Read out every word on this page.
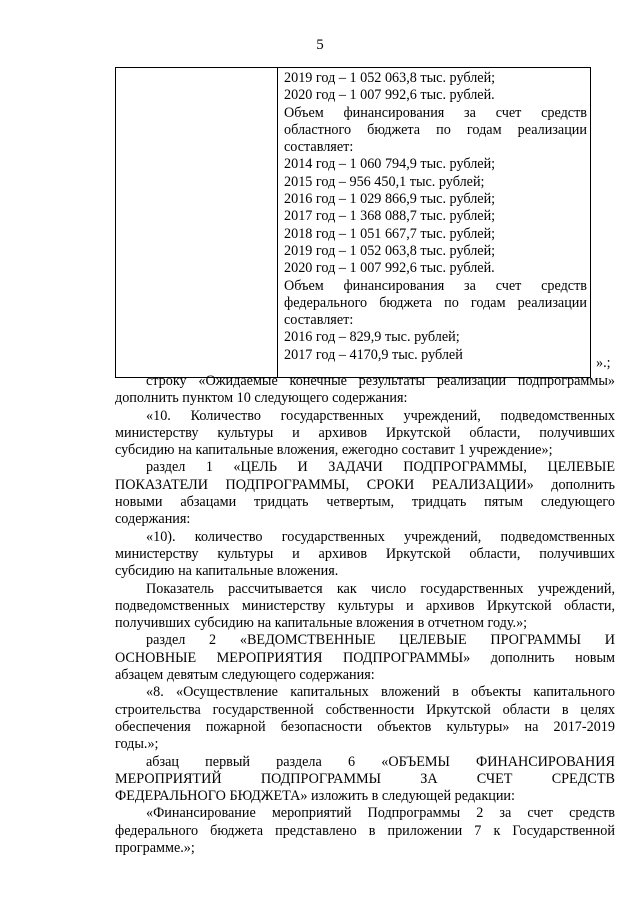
5
2019 год – 1 052 063,8 тыс. рублей;
2020 год – 1 007 992,6 тыс. рублей.
Объем финансирования за счет средств
областного бюджета по годам реализации
составляет:
2014 год – 1 060 794,9 тыс. рублей;
2015 год – 956 450,1 тыс. рублей;
2016 год – 1 029 866,9 тыс. рублей;
2017 год – 1 368 088,7 тыс. рублей;
2018 год – 1 051 667,7 тыс. рублей;
2019 год – 1 052 063,8 тыс. рублей;
2020 год – 1 007 992,6 тыс. рублей.
Объем финансирования за счет средств
федерального бюджета по годам реализации
составляет:
2016 год – 829,9 тыс. рублей;
2017 год – 4170,9 тыс. рублей
».;

строку «Ожидаемые конечные результаты реализации подпрограммы»

дополнить пунктом 10 следующего содержания:

«10. Количество государственных учреждений, подведомственных

министерству культуры и архивов Иркутской области, получивших

субсидию на капитальные вложения, ежегодно составит 1 учреждение»;

раздел 1 «ЦЕЛЬ И ЗАДАЧИ ПОДПРОГРАММЫ, ЦЕЛЕВЫЕ

ПОКАЗАТЕЛИ ПОДПРОГРАММЫ, СРОКИ РЕАЛИЗАЦИИ» дополнить

новыми абзацами тридцать четвертым, тридцать пятым следующего

содержания:

«10). количество государственных учреждений, подведомственных

министерству культуры и архивов Иркутской области, получивших

субсидию на капитальные вложения.

Показатель рассчитывается как число государственных учреждений,

подведомственных министерству культуры и архивов Иркутской области,

получивших субсидию на капитальные вложения в отчетном году.»;

раздел 2 «ВЕДОМСТВЕННЫЕ ЦЕЛЕВЫЕ ПРОГРАММЫ И

ОСНОВНЫЕ МЕРОПРИЯТИЯ ПОДПРОГРАММЫ» дополнить новым

абзацем девятым следующего содержания:

«8. «Осуществление капитальных вложений в объекты капитального

строительства государственной собственности Иркутской области в целях

обеспечения пожарной безопасности объектов культуры» на 2017-2019

годы.»;

абзац первый раздела 6 «ОБЪЕМЫ ФИНАНСИРОВАНИЯ

МЕРОПРИЯТИЙ ПОДПРОГРАММЫ ЗА СЧЕТ СРЕДСТВ

ФЕДЕРАЛЬНОГО БЮДЖЕТА» изложить в следующей редакции:

«Финансирование мероприятий Подпрограммы 2 за счет средств

федерального бюджета представлено в приложении 7 к Государственной

программе.»;
